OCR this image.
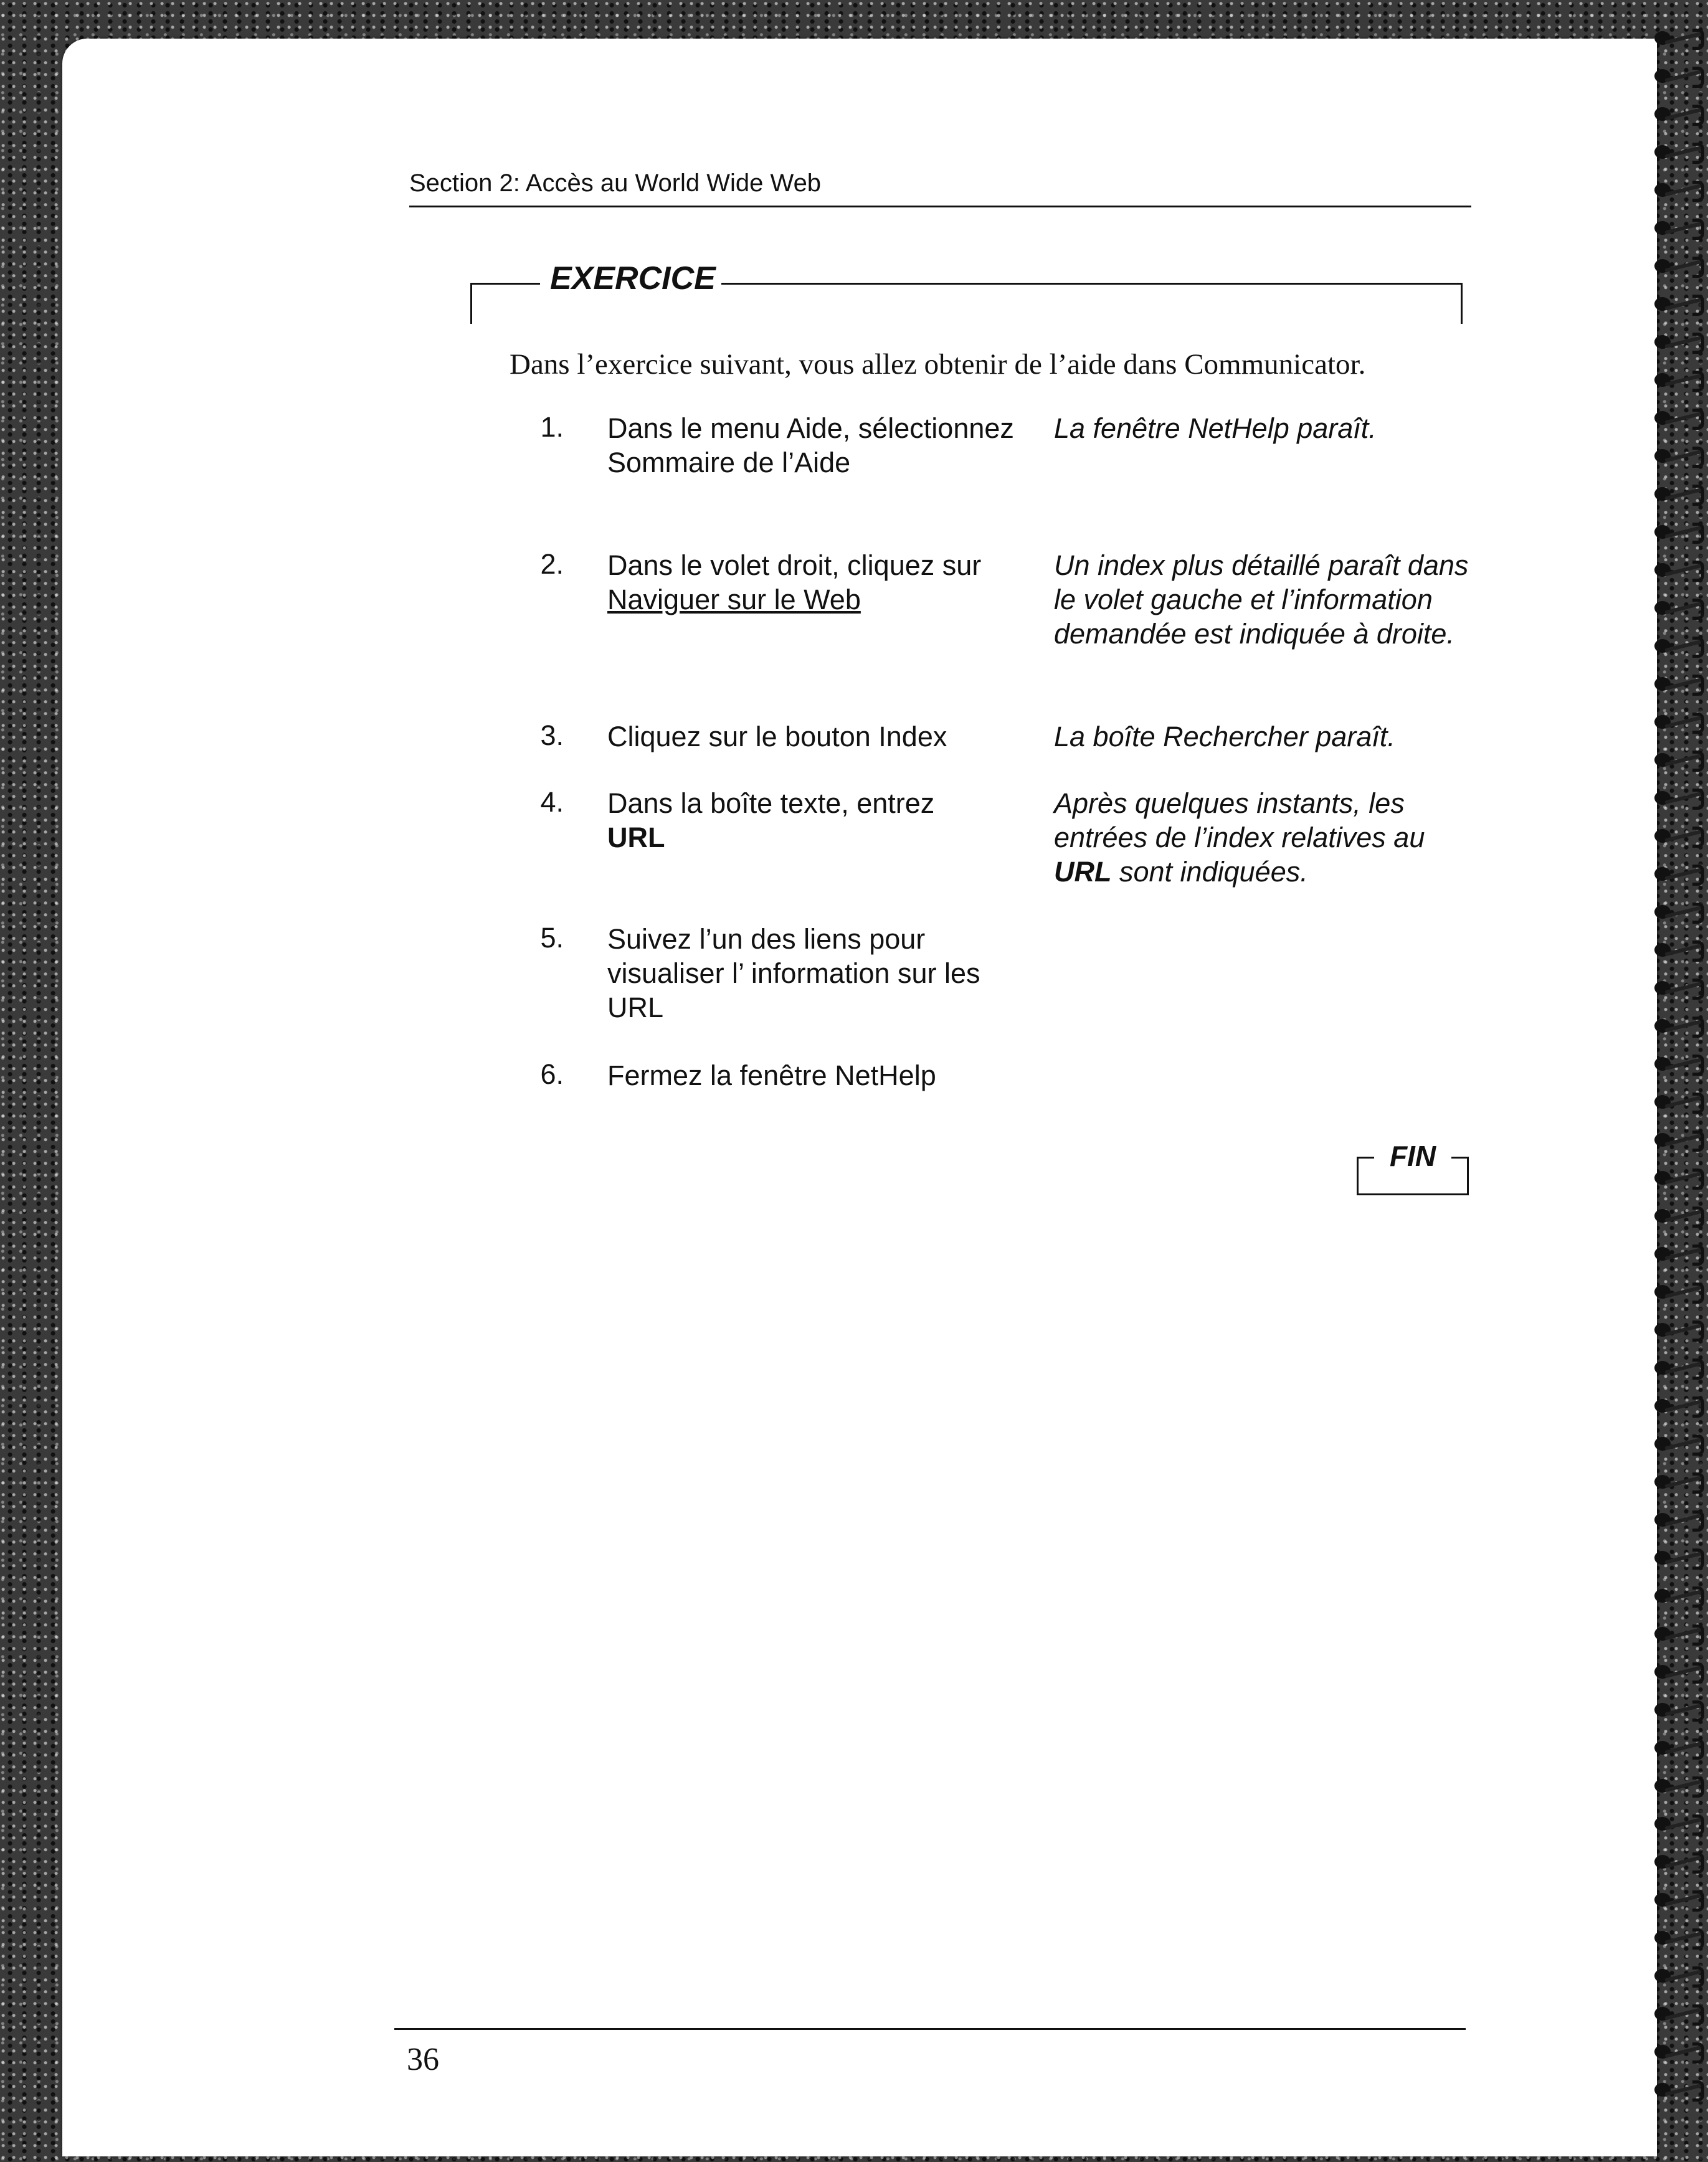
Section 2: Accès au World Wide Web
EXERCICE
Dans l’exercice suivant, vous allez obtenir de l’aide dans Communicator.
1. Dans le menu Aide, sélectionnez Sommaire de l’Aide
La fenêtre NetHelp paraît.
2. Dans le volet droit, cliquez sur
Naviguer sur le Web
Un index plus détaillé paraît dans le volet gauche et l’information demandée est indiquée à droite.
3. Cliquez sur le bouton Index	La boîte Rechercher paraît.
4. Dans la boîte texte, entrez
URL
Après quelques instants, les entrées de l’index relatives au URL sont indiquées.
5. Suivez l’un des liens pour visualiser l’ information sur les URL
6. Fermez la fenêtre NetHelp
FIN
36
